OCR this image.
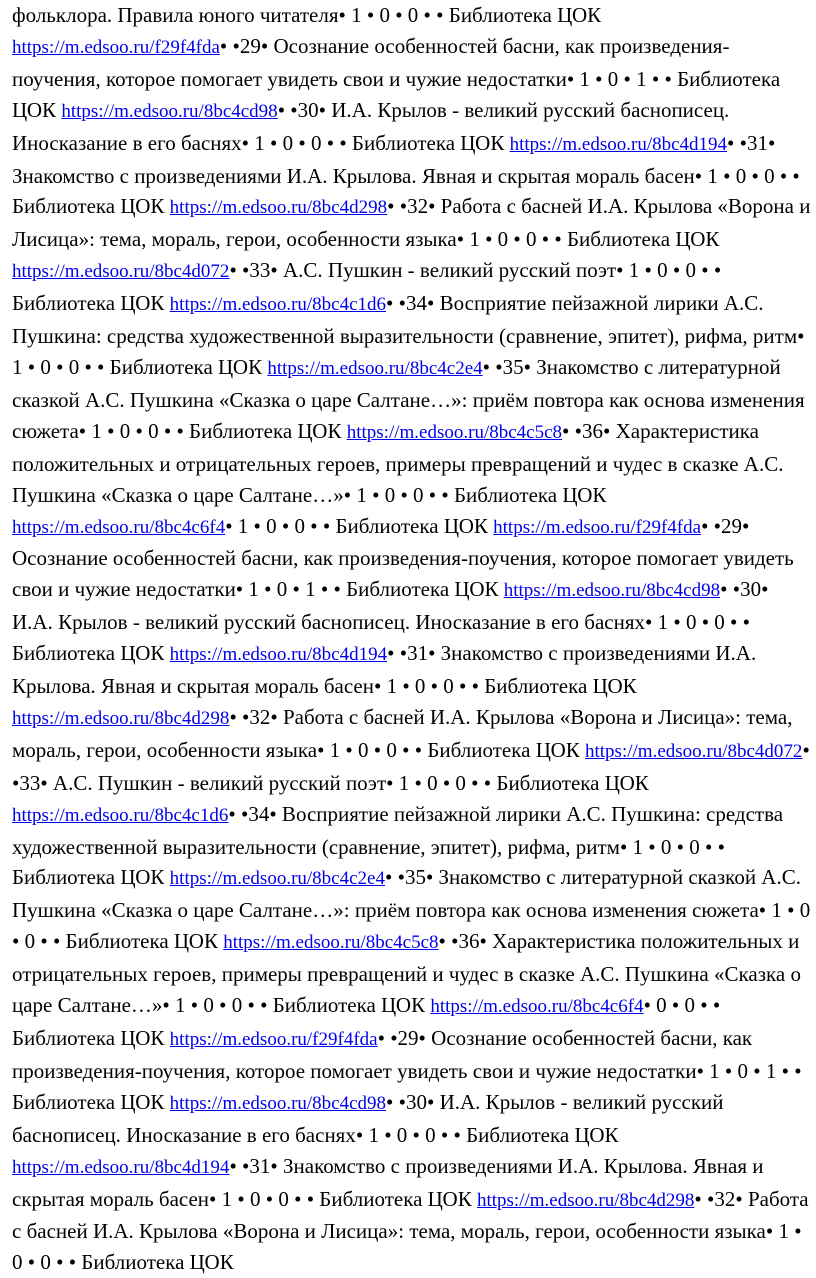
фольклора. Правила юного читателя• 1 • 0 • 0 • • Библиотека ЦОК https://m.edsoo.ru/f29f4fda• •29• Осознание особенностей басни, как произведения-поучения, которое помогает увидеть свои и чужие недостатки• 1 • 0 • 1 • • Библиотека ЦОК https://m.edsoo.ru/8bc4cd98• •30• И.А. Крылов - великий русский баснописец. Иносказание в его баснях• 1 • 0 • 0 • • Библиотека ЦОК https://m.edsoo.ru/8bc4d194• •31• Знакомство с произведениями И.А. Крылова. Явная и скрытая мораль басен• 1 • 0 • 0 • • Библиотека ЦОК https://m.edsoo.ru/8bc4d298• •32• Работа с басней И.А. Крылова «Ворона и Лисица»: тема, мораль, герои, особенности языка• 1 • 0 • 0 • • Библиотека ЦОК https://m.edsoo.ru/8bc4d072• •33• А.С. Пушкин - великий русский поэт• 1 • 0 • 0 • • Библиотека ЦОК https://m.edsoo.ru/8bc4c1d6• •34• Восприятие пейзажной лирики А.С. Пушкина: средства художественной выразительности (сравнение, эпитет), рифма, ритм• 1 • 0 • 0 • • Библиотека ЦОК https://m.edsoo.ru/8bc4c2e4• •35• Знакомство с литературной сказкой А.С. Пушкина «Сказка о царе Салтане…»: приём повтора как основа изменения сюжета• 1 • 0 • 0 • • Библиотека ЦОК https://m.edsoo.ru/8bc4c5c8• •36• Характеристика положительных и отрицательных героев, примеры превращений и чудес в сказке А.С. Пушкина «Сказка о царе Салтане…»• 1 • 0 • 0 • • Библиотека ЦОК https://m.edsoo.ru/8bc4c6f4• 1 • 0 • 0 • • Библиотека ЦОК https://m.edsoo.ru/f29f4fda• •29• Осознание особенностей басни, как произведения-поучения, которое помогает увидеть свои и чужие недостатки• 1 • 0 • 1 • • Библиотека ЦОК https://m.edsoo.ru/8bc4cd98• •30• И.А. Крылов - великий русский баснописец. Иносказание в его баснях• 1 • 0 • 0 • • Библиотека ЦОК https://m.edsoo.ru/8bc4d194• •31• Знакомство с произведениями И.А. Крылова. Явная и скрытая мораль басен• 1 • 0 • 0 • • Библиотека ЦОК https://m.edsoo.ru/8bc4d298• •32• Работа с басней И.А. Крылова «Ворона и Лисица»: тема, мораль, герои, особенности языка• 1 • 0 • 0 • • Библиотека ЦОК https://m.edsoo.ru/8bc4d072• •33• А.С. Пушкин - великий русский поэт• 1 • 0 • 0 • • Библиотека ЦОК https://m.edsoo.ru/8bc4c1d6• •34• Восприятие пейзажной лирики А.С. Пушкина: средства художественной выразительности (сравнение, эпитет), рифма, ритм• 1 • 0 • 0 • • Библиотека ЦОК https://m.edsoo.ru/8bc4c2e4• •35• Знакомство с литературной сказкой А.С. Пушкина «Сказка о царе Салтане…»: приём повтора как основа изменения сюжета• 1 • 0 • 0 • • Библиотека ЦОК https://m.edsoo.ru/8bc4c5c8• •36• Характеристика положительных и отрицательных героев, примеры превращений и чудес в сказке А.С. Пушкина «Сказка о царе Салтане…»• 1 • 0 • 0 • • Библиотека ЦОК https://m.edsoo.ru/8bc4c6f4• 0 • 0 • • Библиотека ЦОК https://m.edsoo.ru/f29f4fda• •29• Осознание особенностей басни, как произведения-поучения, которое помогает увидеть свои и чужие недостатки• 1 • 0 • 1 • • Библиотека ЦОК https://m.edsoo.ru/8bc4cd98• •30• И.А. Крылов - великий русский баснописец. Иносказание в его баснях• 1 • 0 • 0 • • Библиотека ЦОК https://m.edsoo.ru/8bc4d194• •31• Знакомство с произведениями И.А. Крылова. Явная и скрытая мораль басен• 1 • 0 • 0 • • Библиотека ЦОК https://m.edsoo.ru/8bc4d298• •32• Работа с басней И.А. Крылова «Ворона и Лисица»: тема, мораль, герои, особенности языка• 1 • 0 • 0 • • Библиотека ЦОК
